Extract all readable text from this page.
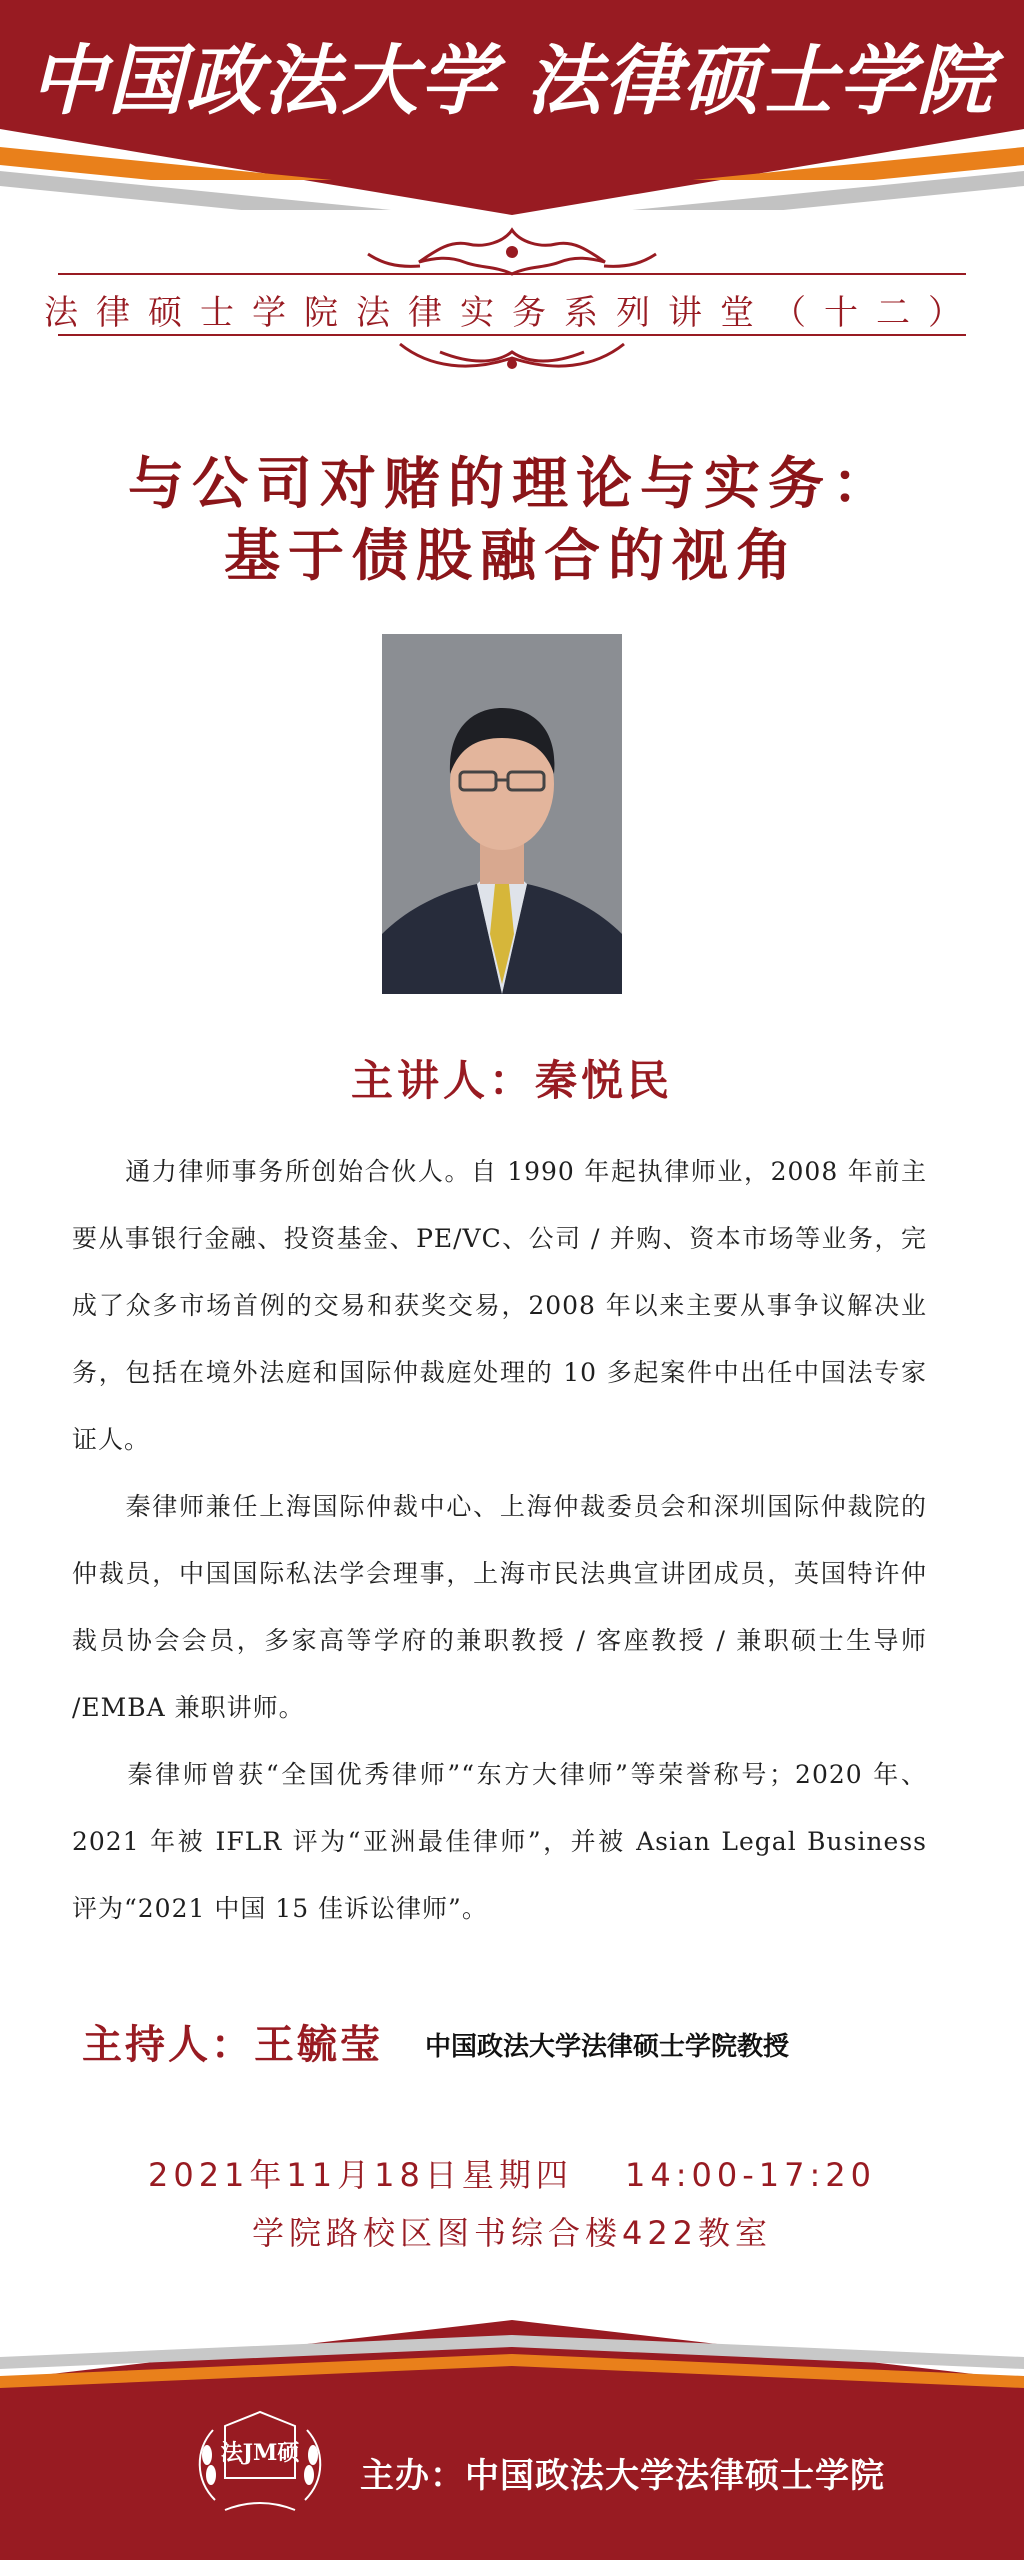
中国政法大学 法律硕士学院
法律硕士学院法律实务系列讲堂（十二）
与公司对赌的理论与实务：
基于债股融合的视角
主讲人：秦悦民
　　通力律师事务所创始合伙人。自 1990 年起执律师业，2008 年前主要从事银行金融、投资基金、PE/VC、公司 / 并购、资本市场等业务，完成了众多市场首例的交易和获奖交易，2008 年以来主要从事争议解决业务，包括在境外法庭和国际仲裁庭处理的 10 多起案件中出任中国法专家证人。
　　秦律师兼任上海国际仲裁中心、上海仲裁委员会和深圳国际仲裁院的仲裁员，中国国际私法学会理事，上海市民法典宣讲团成员，英国特许仲裁员协会会员，多家高等学府的兼职教授 / 客座教授 / 兼职硕士生导师 /EMBA 兼职讲师。
　　秦律师曾获“全国优秀律师”“东方大律师”等荣誉称号；2020 年、2021 年被 IFLR 评为“亚洲最佳律师”，并被 Asian Legal Business 评为“2021 中国 15 佳诉讼律师”。
主持人：王毓莹 中国政法大学法律硕士学院教授
2021年11月18日星期四　 14:00-17:20
学院路校区图书综合楼422教室
法JM硕
主办：中国政法大学法律硕士学院
